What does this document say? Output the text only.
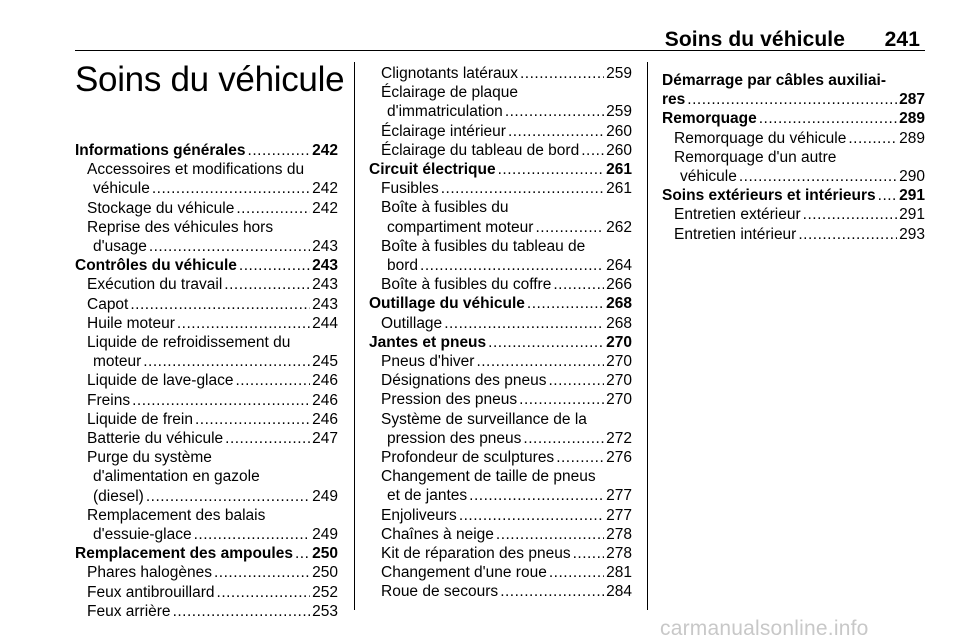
Soins du véhicule 241
Soins du véhicule
Informations générales .....	242
Accessoires et modifications du
véhicule .....	242
Stockage du véhicule .....	242
Reprise des véhicules hors
d'usage .....	243
Contrôles du véhicule .....	243
Exécution du travail .....	243
Capot .....	243
Huile moteur .....	244
Liquide de refroidissement du
moteur .....	245
Liquide de lave-glace .....	246
Freins .....	246
Liquide de frein .....	246
Batterie du véhicule .....	247
Purge du système
d'alimentation en gazole
(diesel) .....	249
Remplacement des balais
d'essuie-glace .....	249
Remplacement des ampoules ..... 250
Phares halogènes .....	250
Feux antibrouillard .....	252
Feux arrière .....	253
Clignotants latéraux .....	259
Éclairage de plaque
d'immatriculation .....	259
Éclairage intérieur .....	260
Éclairage du tableau de bord ..... 260
Circuit électrique .....	261
Fusibles .....	261
Boîte à fusibles du
compartiment moteur .....	262
Boîte à fusibles du tableau de
bord .....	264
Boîte à fusibles du coffre .....	266
Outillage du véhicule .....	268
Outillage .....	268
Jantes et pneus .....	270
Pneus d'hiver .....	270
Désignations des pneus .....	270
Pression des pneus .....	270
Système de surveillance de la
pression des pneus .....	272
Profondeur de sculptures .....	276
Changement de taille de pneus
et de jantes .....	277
Enjoliveurs .....	277
Chaînes à neige .....	278
Kit de réparation des pneus ..... 278
Changement d'une roue .....	281
Roue de secours .....	284
Démarrage par câbles auxiliai-
res .....	287
Remorquage .....	289
Remorquage du véhicule .....	289
Remorquage d'un autre
véhicule .....	290
Soins extérieurs et intérieurs ..... 291
Entretien extérieur .....	291
Entretien intérieur .....	293
carmanualsonline.info
